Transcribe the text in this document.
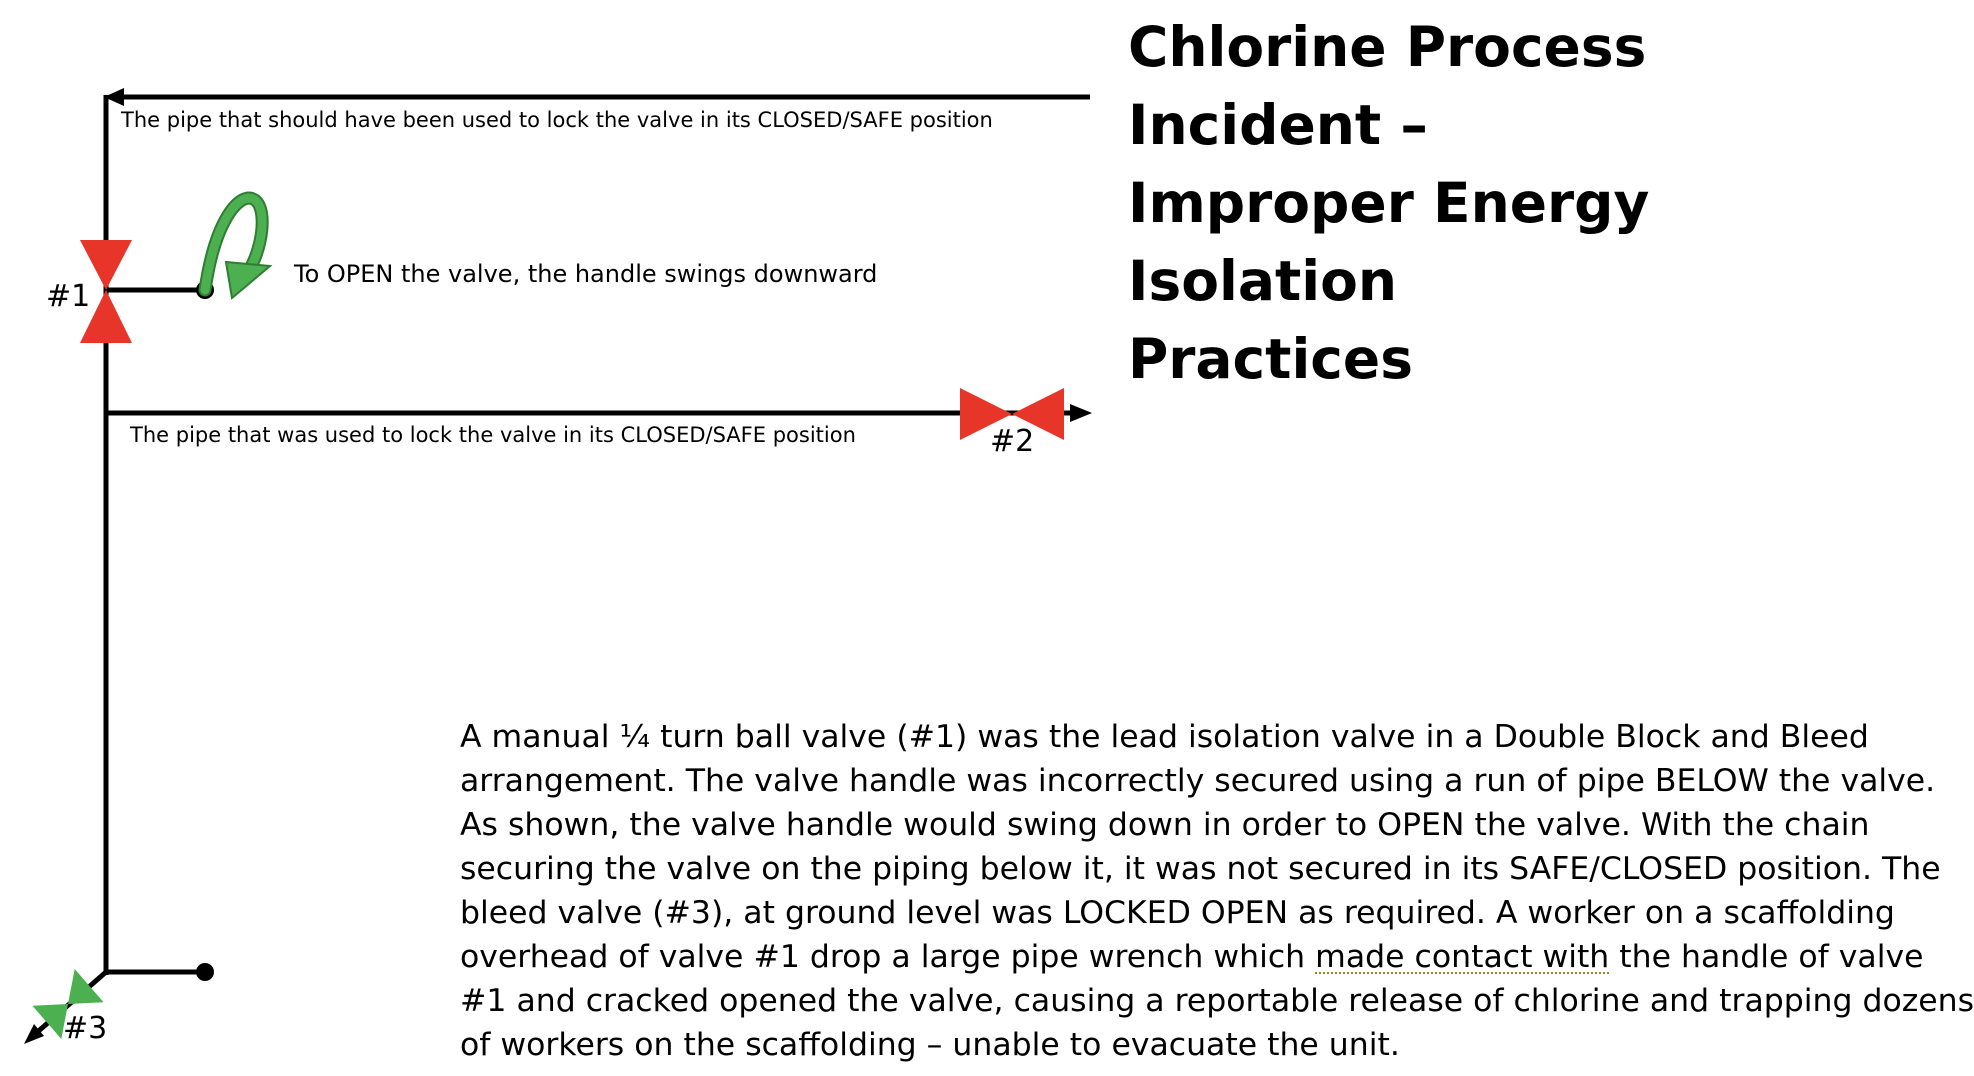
The pipe that should have been used to lock the valve in its CLOSED/SAFE position
To OPEN the valve, the handle swings downward
The pipe that was used to lock the valve in its CLOSED/SAFE position
#1
#2
#3
Chlorine Process Incident –
Improper Energy Isolation
Practices

A manual ¼ turn ball valve (#1) was the lead isolation valve in a Double Block and Bleed
arrangement. The valve handle was incorrectly secured using a run of pipe BELOW the valve.
As shown, the valve handle would swing down in order to OPEN the valve. With the chain
securing the valve on the piping below it, it was not secured in its SAFE/CLOSED position. The
bleed valve (#3), at ground level was LOCKED OPEN as required. A worker on a scaffolding
overhead of valve #1 drop a large pipe wrench which made contact with the handle of valve
#1 and cracked opened the valve, causing a reportable release of chlorine and trapping dozens
of workers on the scaffolding – unable to evacuate the unit.
